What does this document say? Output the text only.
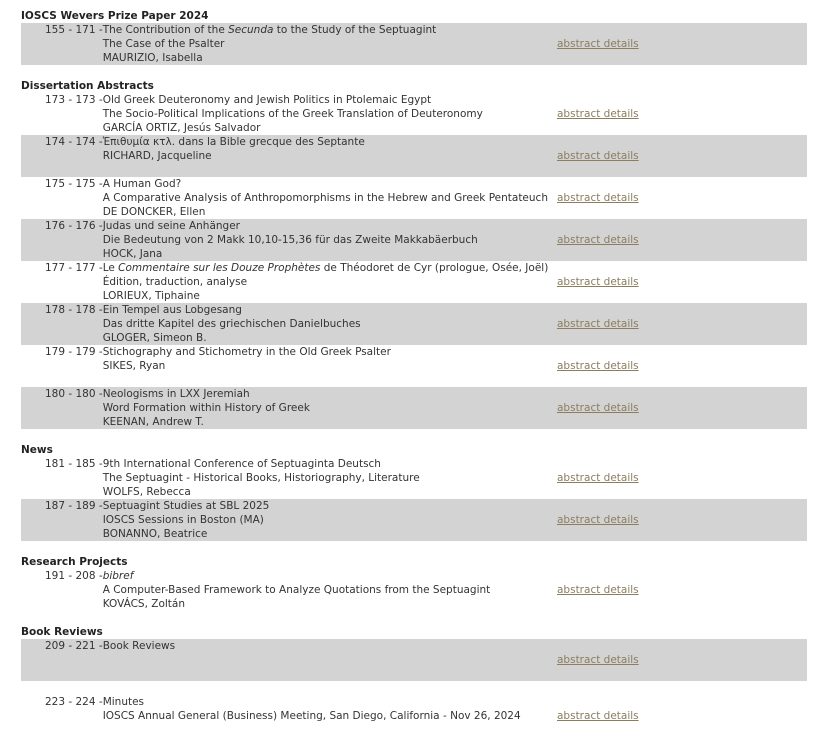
IOSCS Wevers Prize Paper 2024
155 - 171 - The Contribution of the Secunda to the Study of the Septuagint
The Case of the Psalter
MAURIZIO, Isabella
abstract details
Dissertation Abstracts
173 - 173 - Old Greek Deuteronomy and Jewish Politics in Ptolemaic Egypt
The Socio-Political Implications of the Greek Translation of Deuteronomy
GARCÍA ORTIZ, Jesús Salvador
abstract details
174 - 174 - Ἐπιθυμία κτλ. dans la Bible grecque des Septante
RICHARD, Jacqueline	abstract details
175 - 175 - A Human God?
A Comparative Analysis of Anthropomorphisms in the Hebrew and Greek Pentateuch
DE DONCKER, Ellen
abstract details
176 - 176 - Judas und seine Anhänger
Die Bedeutung von 2 Makk 10,10-15,36 für das Zweite Makkabäerbuch
HOCK, Jana
abstract details
177 - 177 - Le Commentaire sur les Douze Prophètes de Théodoret de Cyr (prologue, Osée, Joël)
Édition, traduction, analyse
LORIEUX, Tiphaine
abstract details
178 - 178 - Ein Tempel aus Lobgesang
Das dritte Kapitel des griechischen Danielbuches
GLOGER, Simeon B.
abstract details
179 - 179 - Stichography and Stichometry in the Old Greek Psalter
SIKES, Ryan	abstract details
180 - 180 - Neologisms in LXX Jeremiah
Word Formation within History of Greek
KEENAN, Andrew T.
abstract details
News
181 - 185 - 9th International Conference of Septuaginta Deutsch
The Septuagint - Historical Books, Historiography, Literature
WOLFS, Rebecca
abstract details
187 - 189 - Septuagint Studies at SBL 2025
IOSCS Sessions in Boston (MA)
BONANNO, Beatrice
abstract details
Research Projects
191 - 208 - bibref
A Computer-Based Framework to Analyze Quotations from the Septuagint
KOVÁCS, Zoltán
abstract details
Book Reviews
209 - 221 - Book Reviews
abstract details
223 - 224 - Minutes
IOSCS Annual General (Business) Meeting, San Diego, California - Nov 26, 2024	abstract details
